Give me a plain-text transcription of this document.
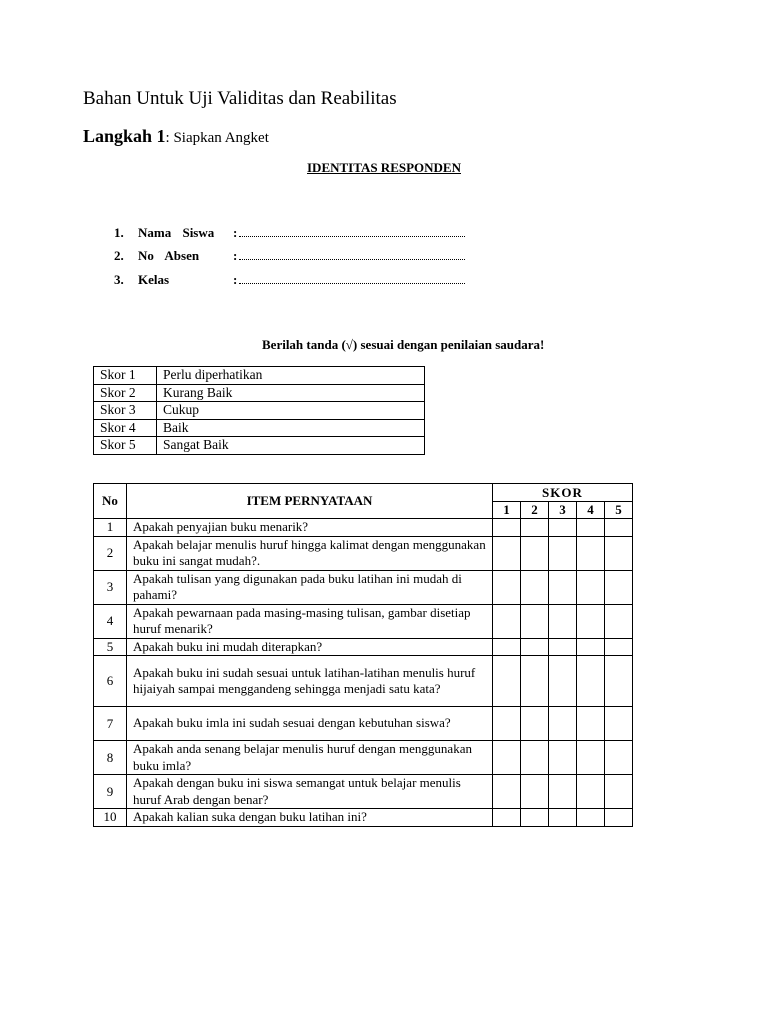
Bahan Untuk Uji Validitas dan Reabilitas
Langkah 1: Siapkan Angket
IDENTITAS RESPONDEN
1. Nama Siswa :
2. No Absen	:
3. Kelas	:
Berilah tanda (√) sesuai dengan penilaian saudara!
Skor 1	Perlu diperhatikan
Skor 2	Kurang Baik
Skor 3	Cukup
Skor 4	Baik
Skor 5	Sangat Baik
No	ITEM PERNYATAAN	SKOR				
		1	2	3	4	5
1	Apakah penyajian buku menarik?					
2	Apakah belajar menulis huruf hingga kalimat dengan menggunakan buku ini sangat mudah?.					
3	Apakah tulisan yang digunakan pada buku latihan ini mudah di pahami?					
4	Apakah pewarnaan pada masing-masing tulisan, gambar disetiap huruf menarik?					
5	Apakah buku ini mudah diterapkan?					
6	Apakah buku ini sudah sesuai untuk latihan-latihan menulis huruf hijaiyah sampai menggandeng sehingga menjadi satu kata?					
7	Apakah buku imla ini sudah sesuai dengan kebutuhan siswa?					
8	Apakah anda senang belajar menulis huruf dengan menggunakan buku imla?					
9	Apakah dengan buku ini siswa semangat untuk belajar menulis huruf Arab dengan benar?					
10	Apakah kalian suka dengan buku latihan ini?					
